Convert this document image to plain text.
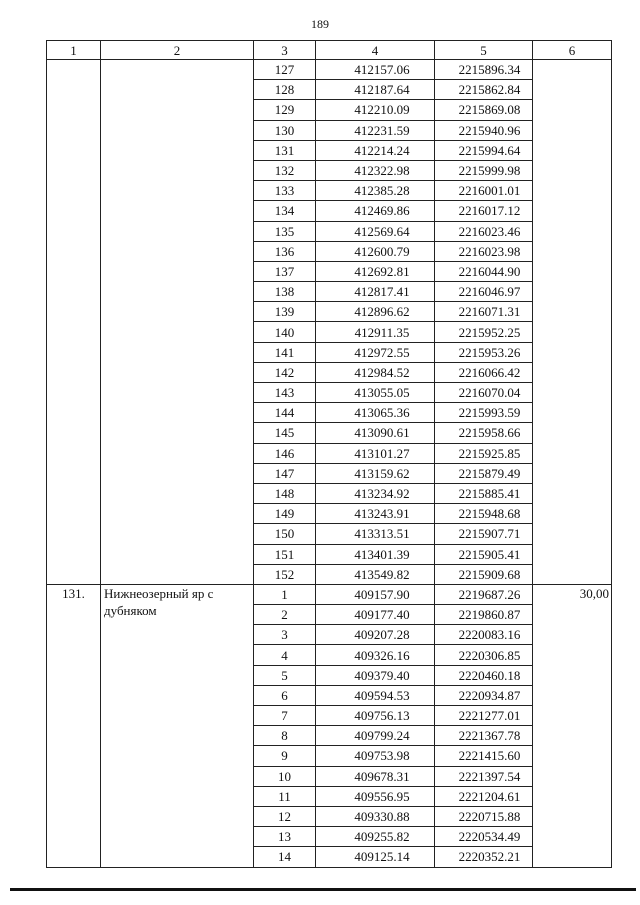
189
1	2	3	4	5	6
		127	412157.06	2215896.34	
		128	412187.64	2215862.84	
		129	412210.09	2215869.08	
		130	412231.59	2215940.96	
		131	412214.24	2215994.64	
		132	412322.98	2215999.98	
		133	412385.28	2216001.01	
		134	412469.86	2216017.12	
		135	412569.64	2216023.46	
		136	412600.79	2216023.98	
		137	412692.81	2216044.90	
		138	412817.41	2216046.97	
		139	412896.62	2216071.31	
		140	412911.35	2215952.25	
		141	412972.55	2215953.26	
		142	412984.52	2216066.42	
		143	413055.05	2216070.04	
		144	413065.36	2215993.59	
		145	413090.61	2215958.66	
		146	413101.27	2215925.85	
		147	413159.62	2215879.49	
		148	413234.92	2215885.41	
		149	413243.91	2215948.68	
		150	413313.51	2215907.71	
		151	413401.39	2215905.41	
		152	413549.82	2215909.68	
131.	Нижнеозерный яр с дубняком	1	409157.90	2219687.26	30,00
		2	409177.40	2219860.87	
		3	409207.28	2220083.16	
		4	409326.16	2220306.85	
		5	409379.40	2220460.18	
		6	409594.53	2220934.87	
		7	409756.13	2221277.01	
		8	409799.24	2221367.78	
		9	409753.98	2221415.60	
		10	409678.31	2221397.54	
		11	409556.95	2221204.61	
		12	409330.88	2220715.88	
		13	409255.82	2220534.49	
		14	409125.14	2220352.21	
